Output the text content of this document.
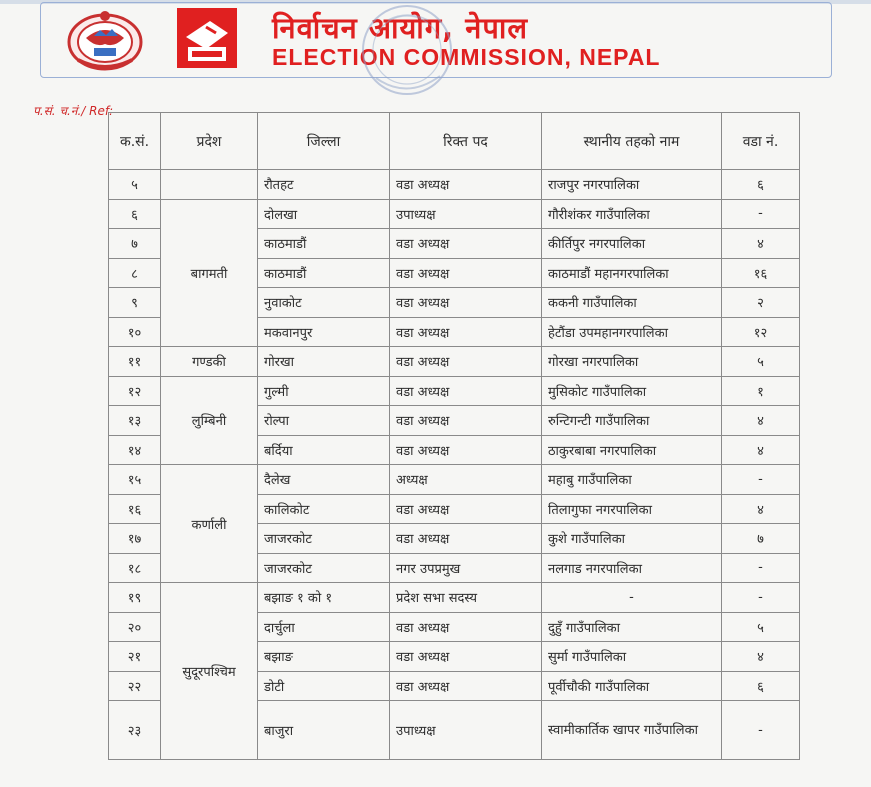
निर्वाचन आयोग, नेपाल
ELECTION COMMISSION, NEPAL
प.सं. च.नं./ Ref:
क.सं.	प्रदेश	जिल्ला	रिक्त पद	स्थानीय तहको नाम	वडा नं.
५		रौतहट	वडा अध्यक्ष	राजपुर नगरपालिका	६
६	बागमती	दोलखा	उपाध्यक्ष	गौरीशंकर गाउँपालिका	-
७		काठमाडौं	वडा अध्यक्ष	कीर्तिपुर नगरपालिका	४
८		काठमाडौं	वडा अध्यक्ष	काठमाडौं महानगरपालिका	१६
९		नुवाकोट	वडा अध्यक्ष	ककनी गाउँपालिका	२
१०		मकवानपुर	वडा अध्यक्ष	हेटौंडा उपमहानगरपालिका	१२
११	गण्डकी	गोरखा	वडा अध्यक्ष	गोरखा नगरपालिका	५
१२	लुम्बिनी	गुल्मी	वडा अध्यक्ष	मुसिकोट गाउँपालिका	१
१३		रोल्पा	वडा अध्यक्ष	रुन्टिगन्टी गाउँपालिका	४
१४		बर्दिया	वडा अध्यक्ष	ठाकुरबाबा नगरपालिका	४
१५	कर्णाली	दैलेख	अध्यक्ष	महाबु गाउँपालिका	-
१६		कालिकोट	वडा अध्यक्ष	तिलागुफा नगरपालिका	४
१७		जाजरकोट	वडा अध्यक्ष	कुशे गाउँपालिका	७
१८		जाजरकोट	नगर उपप्रमुख	नलगाड नगरपालिका	-
१९	सुदूरपश्चिम	बझाङ १ को १	प्रदेश सभा सदस्य	-	-
२०		दार्चुला	वडा अध्यक्ष	दुहुँ गाउँपालिका	५
२१		बझाङ	वडा अध्यक्ष	सुर्मा गाउँपालिका	४
२२		डोटी	वडा अध्यक्ष	पूर्वीचौकी गाउँपालिका	६
२३		बाजुरा	उपाध्यक्ष	स्वामीकार्तिक खापर गाउँपालिका	-
